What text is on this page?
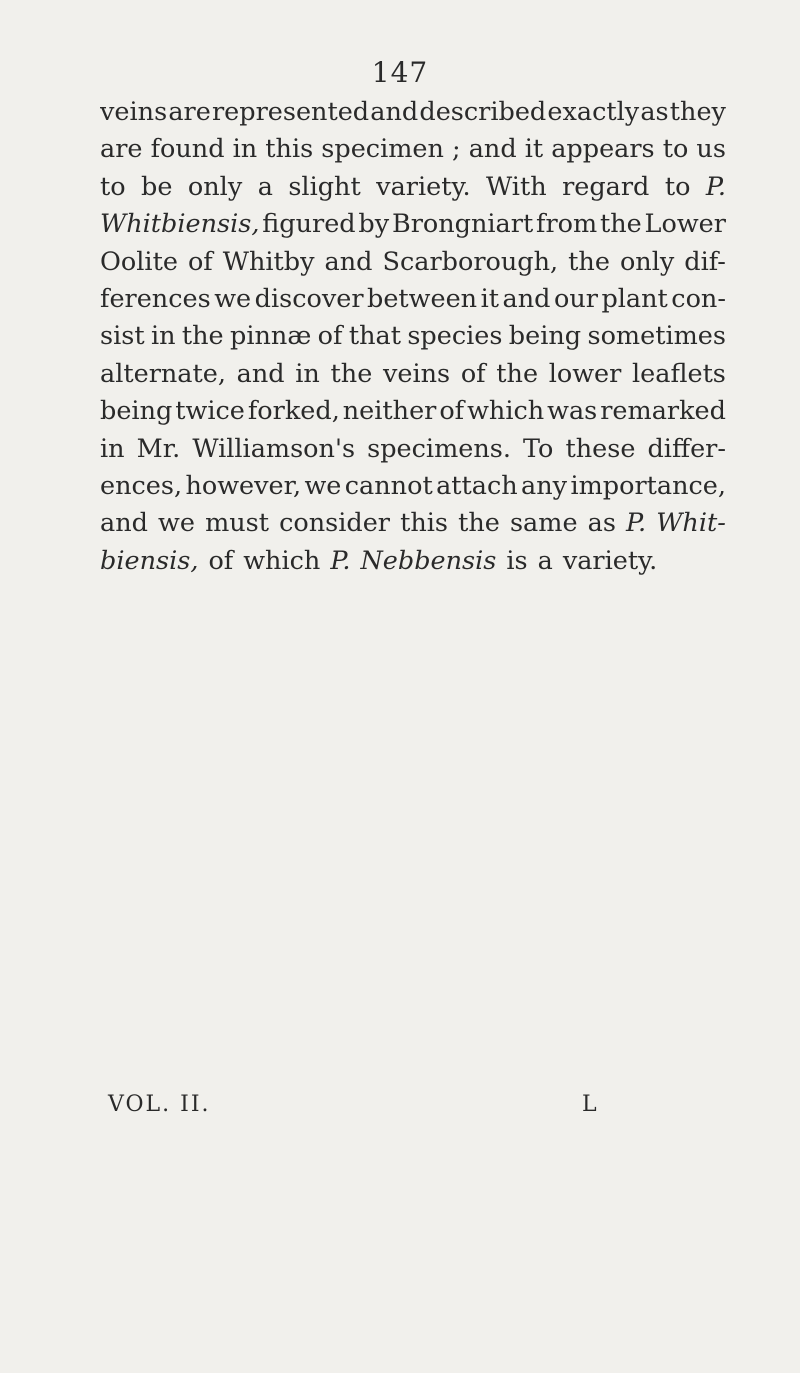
147
veins are represented and described exactly as they
are found in this specimen ; and it appears to us
to be only a slight variety. With regard to P.
Whitbiensis, figured by Brongniart from the Lower
Oolite of Whitby and Scarborough, the only dif-
ferences we discover between it and our plant con-
sist in the pinnæ of that species being sometimes
alternate, and in the veins of the lower leaflets
being twice forked, neither of which was remarked
in Mr. Williamson's specimens. To these differ-
ences, however, we cannot attach any importance,
and we must consider this the same as P. Whit-
biensis, of which P. Nebbensis is a variety.
VOL. II.	L
